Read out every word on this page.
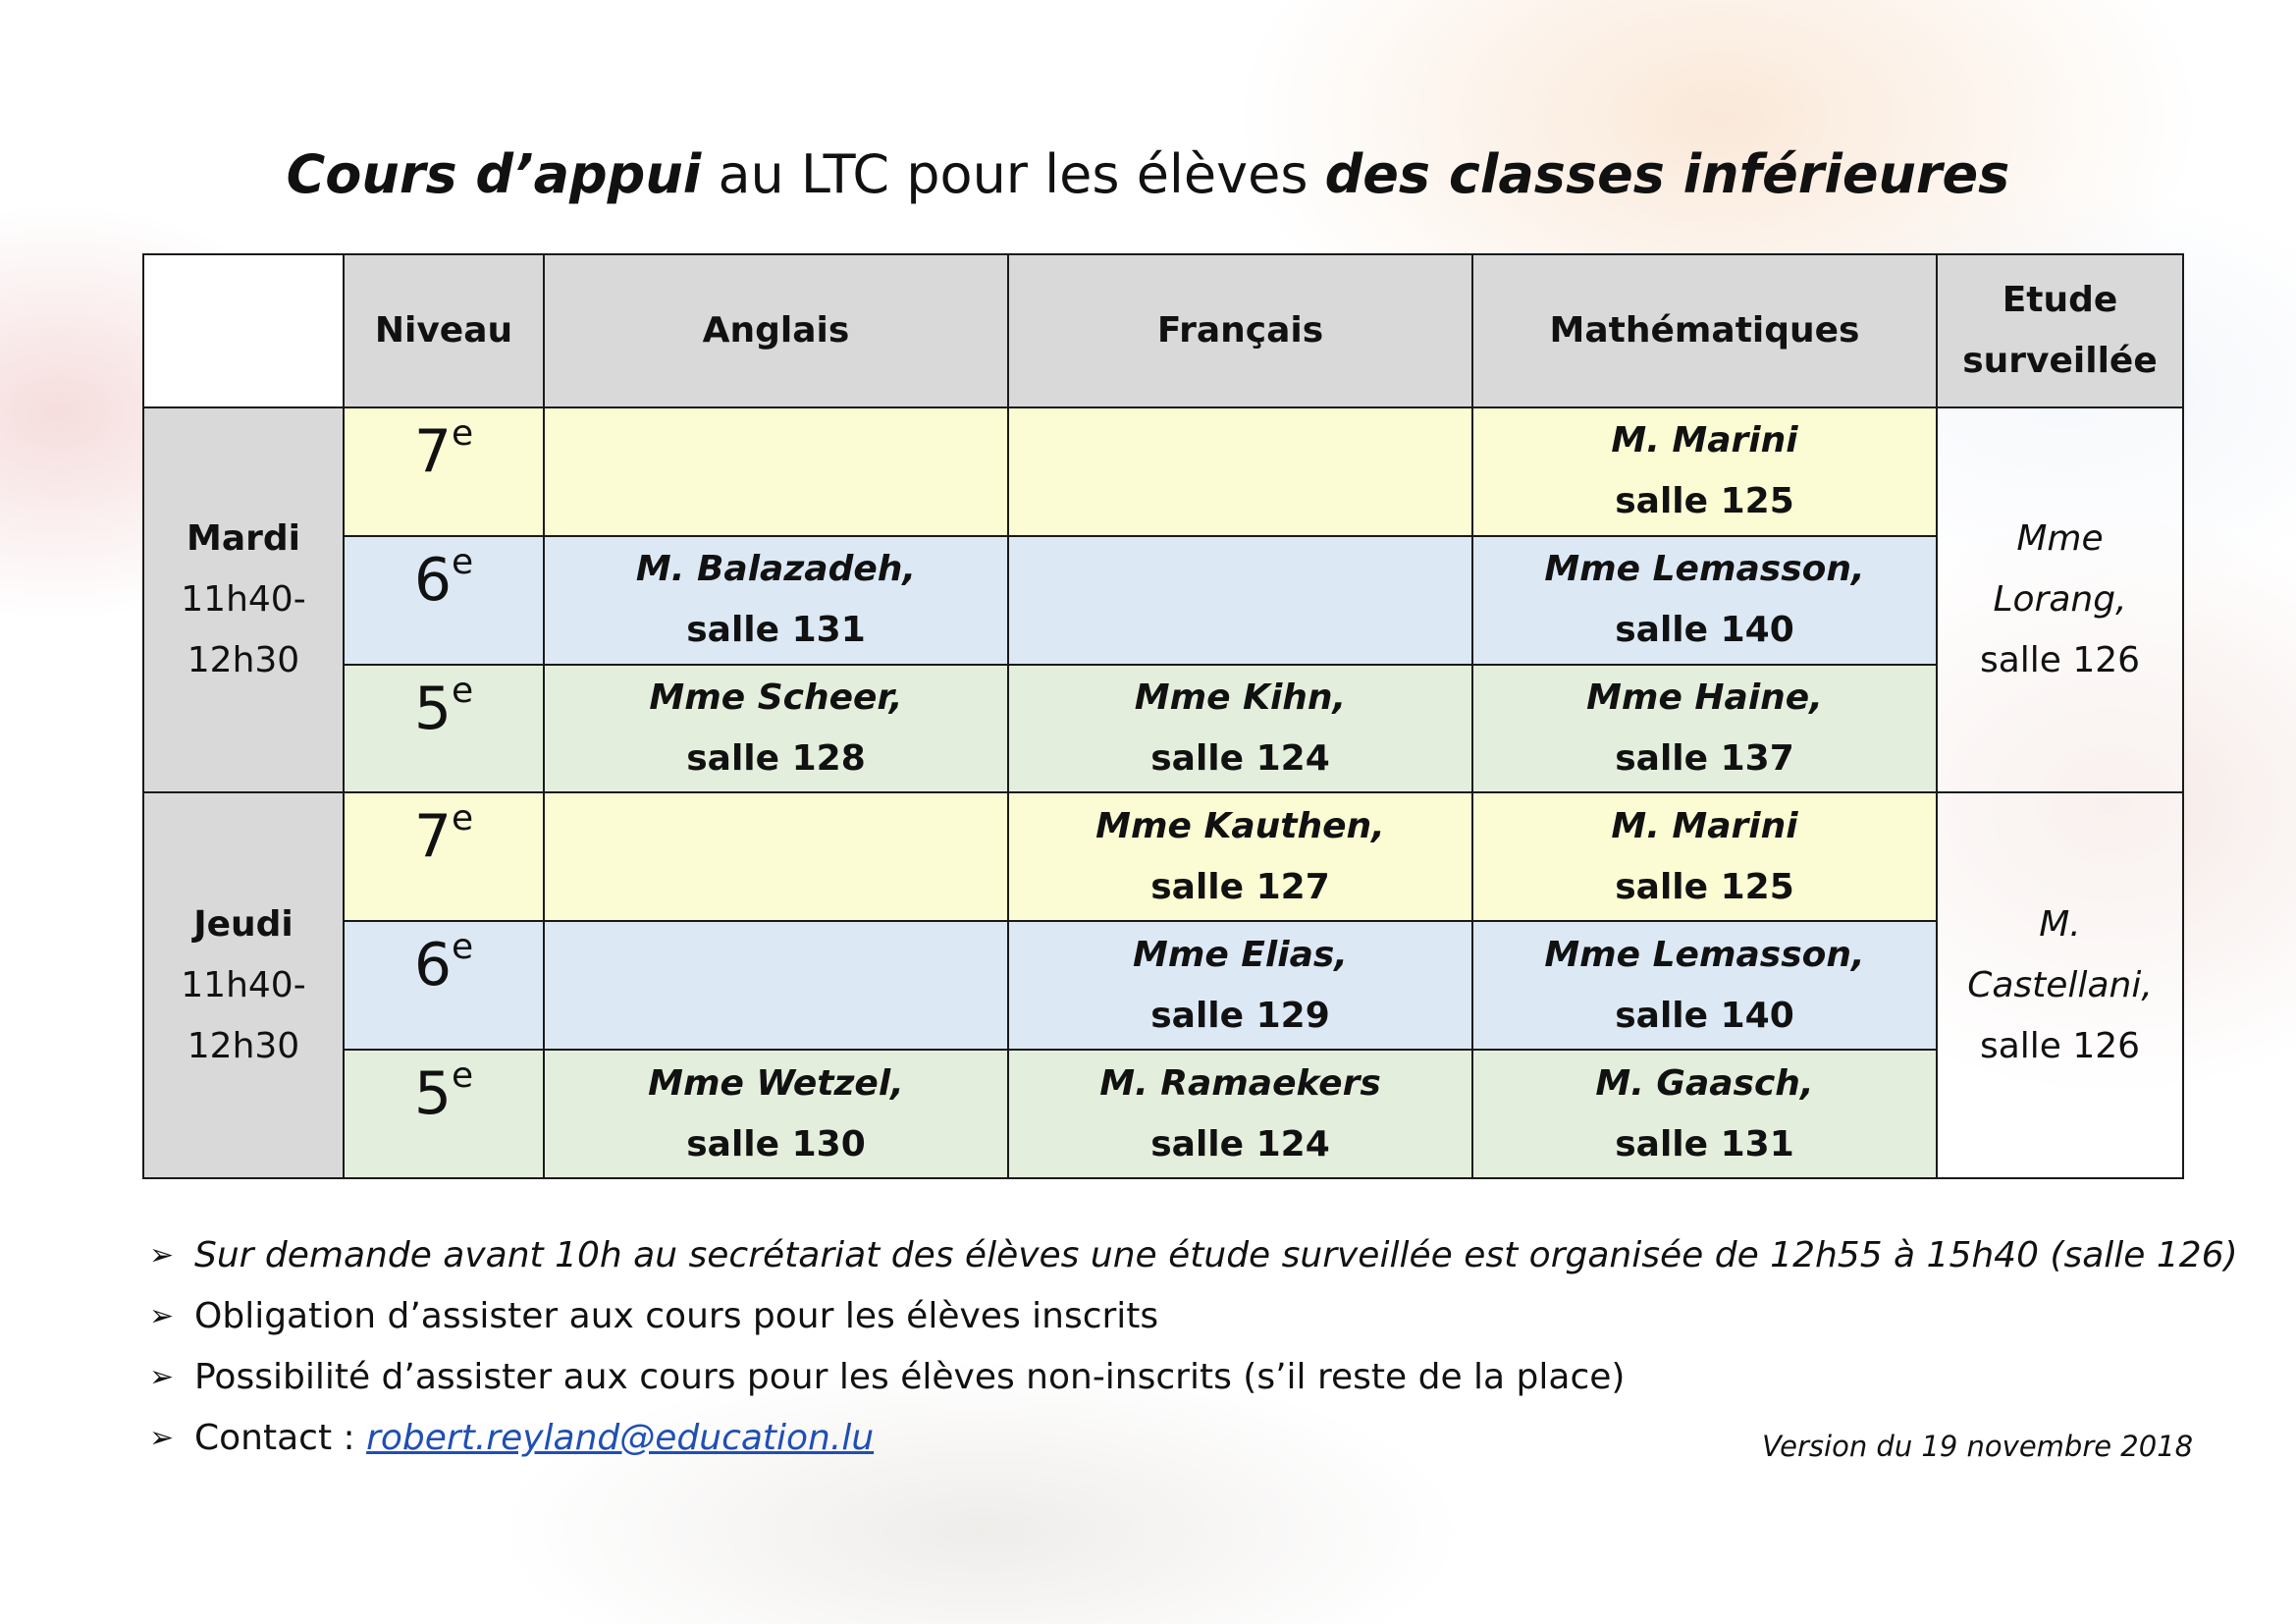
Cours d’appui au LTC pour les élèves des classes inférieures
	Niveau	Anglais	Français	Mathématiques	Etude
surveillée
Mardi
11h40-
12h30	7e			M. Marini
salle 125	Mme
Lorang,
salle 126
	6e	M. Balazadeh,
salle 131		Mme Lemasson,
salle 140	

	5e	Mme Scheer,
salle 128	Mme Kihn,
salle 124	Mme Haine,
salle 137	

Jeudi
11h40-
12h30	7e		Mme Kauthen,
salle 127	M. Marini
salle 125	M.
Castellani,
salle 126
	6e		Mme Elias,
salle 129	Mme Lemasson,
salle 140	

	5e	Mme Wetzel,
salle 130	M. Ramaekers
salle 124	M. Gaasch,
salle 131	
➢ Sur demande avant 10h au secrétariat des élèves une étude surveillée est organisée de 12h55 à 15h40 (salle 126)
➢ Obligation d’assister aux cours pour les élèves inscrits
➢ Possibilité d’assister aux cours pour les élèves non-inscrits (s’il reste de la place)
➢ Contact : robert.reyland@education.lu	Version du 19 novembre 2018
